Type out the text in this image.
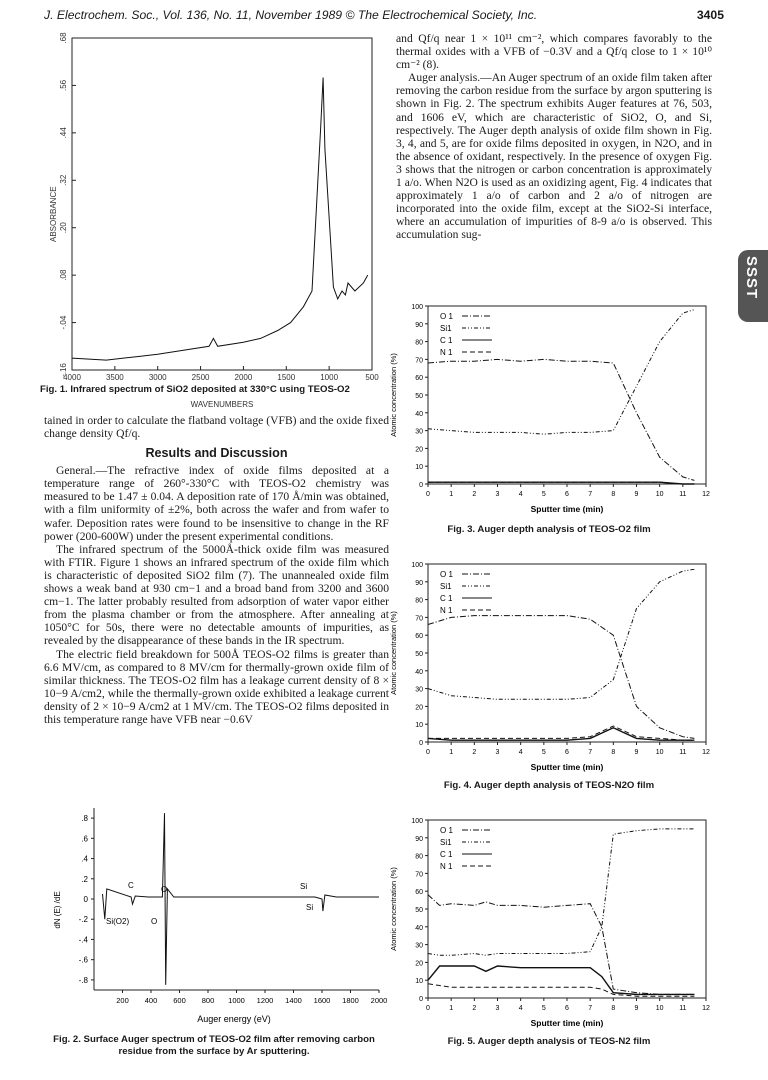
J. Electrochem. Soc., Vol. 136, No. 11, November 1989 © The Electrochemical Society, Inc.	3405
SSST
-.16
-.04
.08
.20
.32
.44
.56
.68
4000	3500	3000	2500	2000	1500	1000	500
ABSORBANCE
WAVENUMBERS
Fig. 1. Infrared spectrum of SiO2 deposited at 330°C using TEOS-O2

tained in order to calculate the flatband voltage (VFB) and the oxide fixed change density Qf/q.

Results and Discussion

General.—The refractive index of oxide films deposited at a temperature range of 260°-330°C with TEOS-O2 chemistry was measured to be 1.47 ± 0.04. A deposition rate of 170 Å/min was obtained, with a film uniformity of ±2%, both across the wafer and from wafer to wafer. Deposition rates were found to be insensitive to change in the RF power (200-600W) under the present experimental conditions.

The infrared spectrum of the 5000Å-thick oxide film was measured with FTIR. Figure 1 shows an infrared spectrum of the oxide film which is characteristic of deposited SiO2 film (7). The unannealed oxide film shows a weak band at 930 cm−1 and a broad band from 3200 and 3600 cm−1. The latter probably resulted from adsorption of water vapor either from the plasma chamber or from the atmosphere. After annealing at 1050°C for 50s, there were no detectable amounts of impurities, as revealed by the disappearance of these bands in the IR spectrum.

The electric field breakdown for 500Å TEOS-O2 films is greater than 6.6 MV/cm, as compared to 8 MV/cm for thermally-grown oxide film of similar thickness. The TEOS-O2 film has a leakage current density of 8 × 10−9 A/cm2, while the thermally-grown oxide exhibited a leakage current density of 2 × 10−9 A/cm2 at 1 MV/cm. The TEOS-O2 films deposited in this temperature range have VFB near −0.6V

.8
.6
.4
.2
0
-.2
-.4
-.6
-.8
200 400 600 800 1000 1200 1400 1600 1800 2000
C	O
Si(O2)	O
Si
Si
dN (E) /dE
Auger energy (eV)
Fig. 2. Surface Auger spectrum of TEOS-O2 film after removing carbon residue from the surface by Ar sputtering.

and Qf/q near 1 × 10¹¹ cm⁻², which compares favorably to the thermal oxides with a VFB of −0.3V and a Qf/q close to 1 × 10¹⁰ cm⁻² (8).

Auger analysis.—An Auger spectrum of an oxide film taken after removing the carbon residue from the surface by argon sputtering is shown in Fig. 2. The spectrum exhibits Auger features at 76, 503, and 1606 eV, which are characteristic of SiO2, O, and Si, respectively. The Auger depth analysis of oxide film shown in Fig. 3, 4, and 5, are for oxide films deposited in oxygen, in N2O, and in the absence of oxidant, respectively. In the presence of oxygen Fig. 3 shows that the nitrogen or carbon concentration is approximately 1 a/o. When N2O is used as an oxidizing agent, Fig. 4 indicates that approximately 1 a/o of carbon and 2 a/o of nitrogen are incorporated into the oxide film, except at the SiO2-Si interface, where an accumulation of impurities of 8-9 a/o is observed. This accumulation sug-

0
10
20
30
40
50
60
70
80
90
100
0	1	2	3	4	5	6	7	8	9 10 11 12
Atomic concentration (%)
Sputter time (min)
O 1
Si1
C 1
N 1
Fig. 3. Auger depth analysis of TEOS-O2 film
0
10
20
30
40
50
60
70
80
90
100
0	1	2	3	4	5	6	7	8	9 10 11 12
Atomic concentration (%)
Sputter time (min)
O 1
Si1
C 1
N 1
Fig. 4. Auger depth analysis of TEOS-N2O film
0
10
20
30
40
50
60
70
80
90
100
0	1	2	3	4	5	6	7	8	9 10 11 12
Atomic concentration (%)
Sputter time (min)
O 1
Si1
C 1
N 1
Fig. 5. Auger depth analysis of TEOS-N2 film
